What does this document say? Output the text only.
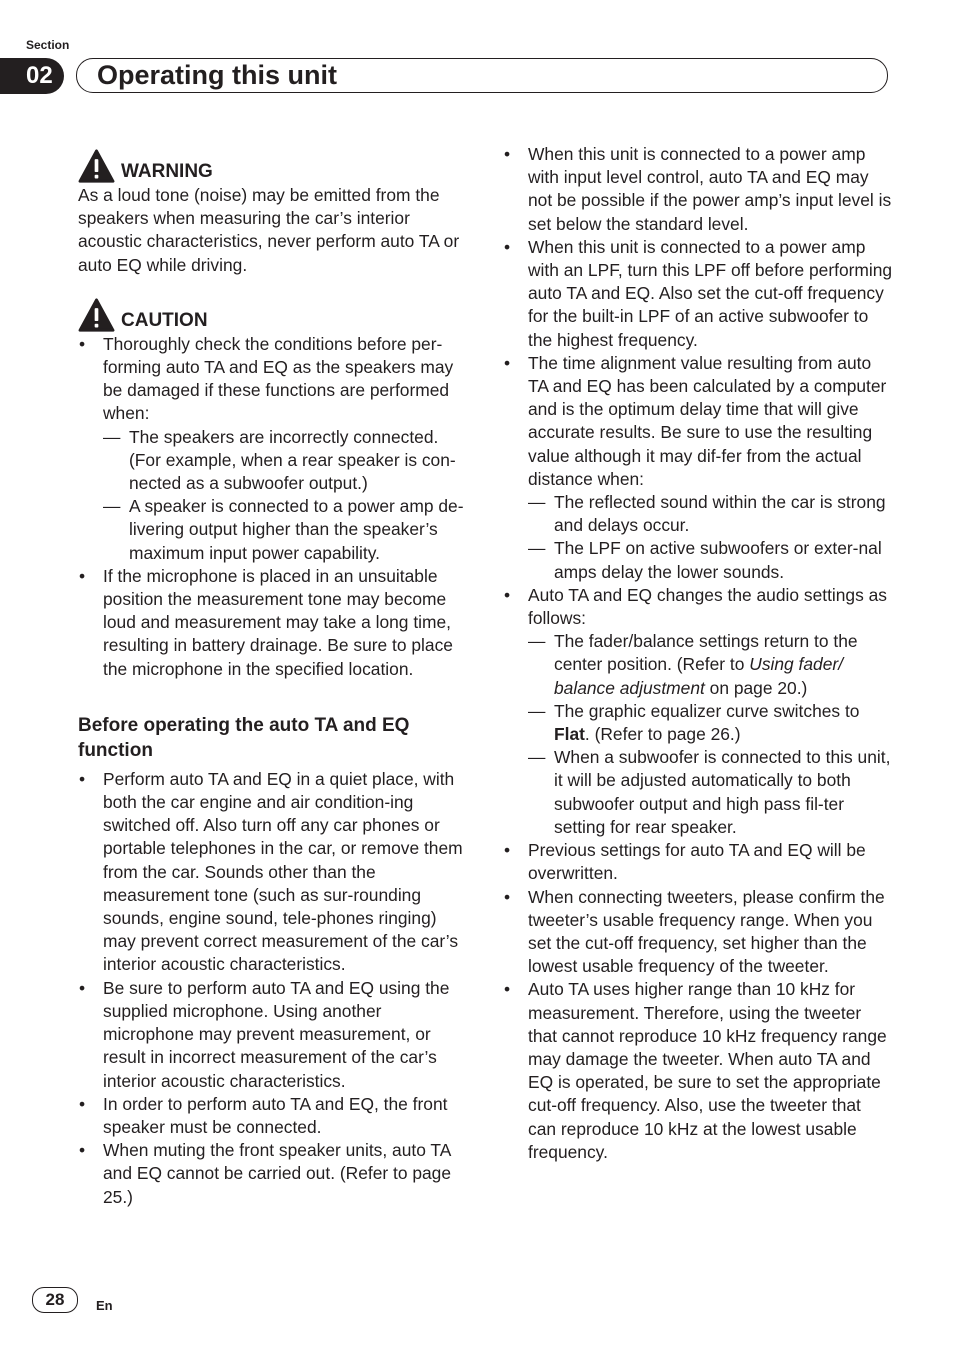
Section
02	Operating this unit
WARNING

As a loud tone (noise) may be emitted from the speakers when measuring the car’s interior acoustic characteristics, never perform auto TA or auto EQ while driving.

CAUTION
• Thoroughly check the conditions before per-forming auto TA and EQ as the speakers may be damaged if these functions are performed when:
— The speakers are incorrectly connected. (For example, when a rear speaker is con-nected as a subwoofer output.)
— A speaker is connected to a power amp de-livering output higher than the speaker’s maximum input power capability.
• If the microphone is placed in an unsuitable position the measurement tone may become loud and measurement may take a long time, resulting in battery drainage. Be sure to place the microphone in the specified location.
Before operating the auto TA and EQ function
• Perform auto TA and EQ in a quiet place, with both the car engine and air condition-ing switched off. Also turn off any car phones or portable telephones in the car, or remove them from the car. Sounds other than the measurement tone (such as sur-rounding sounds, engine sound, tele-phones ringing) may prevent correct measurement of the car’s interior acoustic characteristics.
• Be sure to perform auto TA and EQ using the supplied microphone. Using another microphone may prevent measurement, or result in incorrect measurement of the car’s interior acoustic characteristics.
• In order to perform auto TA and EQ, the front speaker must be connected.
• When muting the front speaker units, auto TA and EQ cannot be carried out. (Refer to page 25.)
• When this unit is connected to a power amp with input level control, auto TA and EQ may not be possible if the power amp’s input level is set below the standard level.
• When this unit is connected to a power amp with an LPF, turn this LPF off before performing auto TA and EQ. Also set the cut-off frequency for the built-in LPF of an active subwoofer to the highest frequency.
• The time alignment value resulting from auto TA and EQ has been calculated by a computer and is the optimum delay time that will give accurate results. Be sure to use the resulting value although it may dif-fer from the actual distance when:
— The reflected sound within the car is strong and delays occur.
— The LPF on active subwoofers or exter-nal amps delay the lower sounds.
• Auto TA and EQ changes the audio settings as follows:
— The fader/balance settings return to the center position. (Refer to Using fader/ balance adjustment on page 20.)
— The graphic equalizer curve switches to Flat. (Refer to page 26.)
— When a subwoofer is connected to this unit, it will be adjusted automatically to both subwoofer output and high pass fil-ter setting for rear speaker.
• Previous settings for auto TA and EQ will be overwritten.
• When connecting tweeters, please confirm the tweeter’s usable frequency range. When you set the cut-off frequency, set higher than the lowest usable frequency of the tweeter.
• Auto TA uses higher range than 10 kHz for measurement. Therefore, using the tweeter that cannot reproduce 10 kHz frequency range may damage the tweeter. When auto TA and EQ is operated, be sure to set the appropriate cut-off frequency. Also, use the tweeter that can reproduce 10 kHz at the lowest usable frequency.
28	En
